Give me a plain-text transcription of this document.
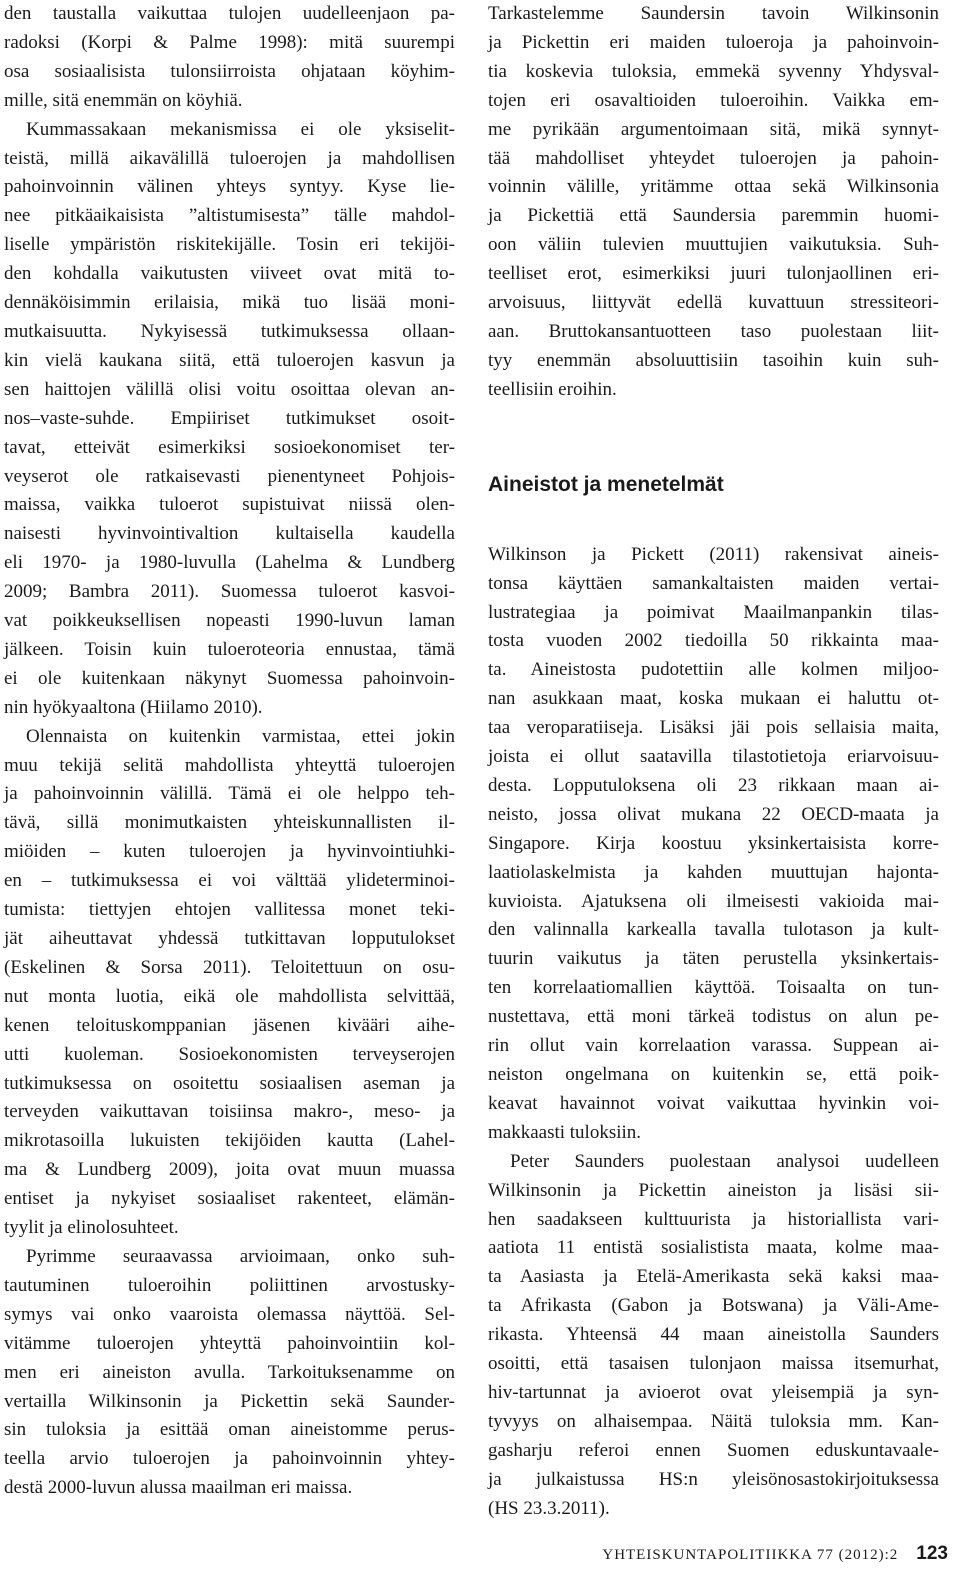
den taustalla vaikuttaa tulojen uudelleenjaon pa-
radoksi (Korpi & Palme 1998): mitä suurempi
osa sosiaalisista tulonsiirroista ohjataan köyhim-
mille, sitä enemmän on köyhiä.
Kummassakaan mekanismissa ei ole yksiselit-
teistä, millä aikavälillä tuloerojen ja mahdollisen
pahoinvoinnin välinen yhteys syntyy. Kyse lie-
nee pitkäaikaisista ”altistumisesta” tälle mahdol-
liselle ympäristön riskitekijälle. Tosin eri tekijöi-
den kohdalla vaikutusten viiveet ovat mitä to-
dennäköisimmin erilaisia, mikä tuo lisää moni-
mutkaisuutta. Nykyisessä tutkimuksessa ollaan-
kin vielä kaukana siitä, että tuloerojen kasvun ja
sen haittojen välillä olisi voitu osoittaa olevan an-
nos–vaste-suhde. Empiiriset tutkimukset osoit-
tavat, etteivät esimerkiksi sosioekonomiset ter-
veyserot ole ratkaisevasti pienentyneet Pohjois-
maissa, vaikka tuloerot supistuivat niissä olen-
naisesti hyvinvointivaltion kultaisella kaudella
eli 1970- ja 1980-luvulla (Lahelma & Lundberg
2009; Bambra 2011). Suomessa tuloerot kasvoi-
vat poikkeuksellisen nopeasti 1990-luvun laman
jälkeen. Toisin kuin tuloeroteoria ennustaa, tämä
ei ole kuitenkaan näkynyt Suomessa pahoinvoin-
nin hyökyaaltona (Hiilamo 2010).

Olennaista on kuitenkin varmistaa, ettei jokin
muu tekijä selitä mahdollista yhteyttä tuloerojen
ja pahoinvoinnin välillä. Tämä ei ole helppo teh-
tävä, sillä monimutkaisten yhteiskunnallisten il-
miöiden – kuten tuloerojen ja hyvinvointiuhki-
en – tutkimuksessa ei voi välttää ylideterminoi-
tumista: tiettyjen ehtojen vallitessa monet teki-
jät aiheuttavat yhdessä tutkittavan lopputulokset
(Eskelinen & Sorsa 2011). Teloitettuun on osu-
nut monta luotia, eikä ole mahdollista selvittää,
kenen teloituskomppanian jäsenen kivääri aihe-
utti kuoleman. Sosioekonomisten terveyserojen
tutkimuksessa on osoitettu sosiaalisen aseman ja
terveyden vaikuttavan toisiinsa makro-, meso- ja
mikrotasoilla lukuisten tekijöiden kautta (Lahel-
ma & Lundberg 2009), joita ovat muun muassa
entiset ja nykyiset sosiaaliset rakenteet, elämän-
tyylit ja elinolosuhteet.

Pyrimme seuraavassa arvioimaan, onko suh-
tautuminen tuloeroihin poliittinen arvostusky-
symys vai onko vaaroista olemassa näyttöä. Sel-
vitämme tuloerojen yhteyttä pahoinvointiin kol-
men eri aineiston avulla. Tarkoituksenamme on
vertailla Wilkinsonin ja Pickettin sekä Saunder-
sin tuloksia ja esittää oman aineistomme perus-
teella arvio tuloerojen ja pahoinvoinnin yhtey-
destä 2000-luvun alussa maailman eri maissa.

Tarkastelemme Saundersin tavoin Wilkinsonin
ja Pickettin eri maiden tuloeroja ja pahoinvoin-
tia koskevia tuloksia, emmekä syvenny Yhdysval-
tojen eri osavaltioiden tuloeroihin. Vaikka em-
me pyrikään argumentoimaan sitä, mikä synnyt-
tää mahdolliset yhteydet tuloerojen ja pahoin-
voinnin välille, yritämme ottaa sekä Wilkinsonia
ja Pickettiä että Saundersia paremmin huomi-
oon väliin tulevien muuttujien vaikutuksia. Suh-
teelliset erot, esimerkiksi juuri tulonjaollinen eri-
arvoisuus, liittyvät edellä kuvattuun stressiteori-
aan. Bruttokansantuotteen taso puolestaan liit-
tyy enemmän absoluuttisiin tasoihin kuin suh-
teellisiin eroihin.

Aineistot ja menetelmät

Wilkinson ja Pickett (2011) rakensivat aineis-
tonsa käyttäen samankaltaisten maiden vertai-
lustrategiaa ja poimivat Maailmanpankin tilas-
tosta vuoden 2002 tiedoilla 50 rikkainta maa-
ta. Aineistosta pudotettiin alle kolmen miljoo-
nan asukkaan maat, koska mukaan ei haluttu ot-
taa veroparatiiseja. Lisäksi jäi pois sellaisia maita,
joista ei ollut saatavilla tilastotietoja eriarvoisuu-
desta. Lopputuloksena oli 23 rikkaan maan ai-
neisto, jossa olivat mukana 22 OECD-maata ja
Singapore. Kirja koostuu yksinkertaisista korre-
laatiolaskelmista ja kahden muuttujan hajonta-
kuvioista. Ajatuksena oli ilmeisesti vakioida mai-
den valinnalla karkealla tavalla tulotason ja kult-
tuurin vaikutus ja täten perustella yksinkertais-
ten korrelaatiomallien käyttöä. Toisaalta on tun-
nustettava, että moni tärkeä todistus on alun pe-
rin ollut vain korrelaation varassa. Suppean ai-
neiston ongelmana on kuitenkin se, että poik-
keavat havainnot voivat vaikuttaa hyvinkin voi-
makkaasti tuloksiin.

Peter Saunders puolestaan analysoi uudelleen
Wilkinsonin ja Pickettin aineiston ja lisäsi sii-
hen saadakseen kulttuurista ja historiallista vari-
aatiota 11 entistä sosialistista maata, kolme maa-
ta Aasiasta ja Etelä-Amerikasta sekä kaksi maa-
ta Afrikasta (Gabon ja Botswana) ja Väli-Ame-
rikasta. Yhteensä 44 maan aineistolla Saunders
osoitti, että tasaisen tulonjaon maissa itsemurhat,
hiv-tartunnat ja avioerot ovat yleisempiä ja syn-
tyvyys on alhaisempaa. Näitä tuloksia mm. Kan-
gasharju referoi ennen Suomen eduskuntavaale-
ja julkaistussa HS:n yleisönosastokirjoituksessa
(HS 23.3.2011).

YHTEISKUNTAPOLITIIKKA 77 (2012):2 123
